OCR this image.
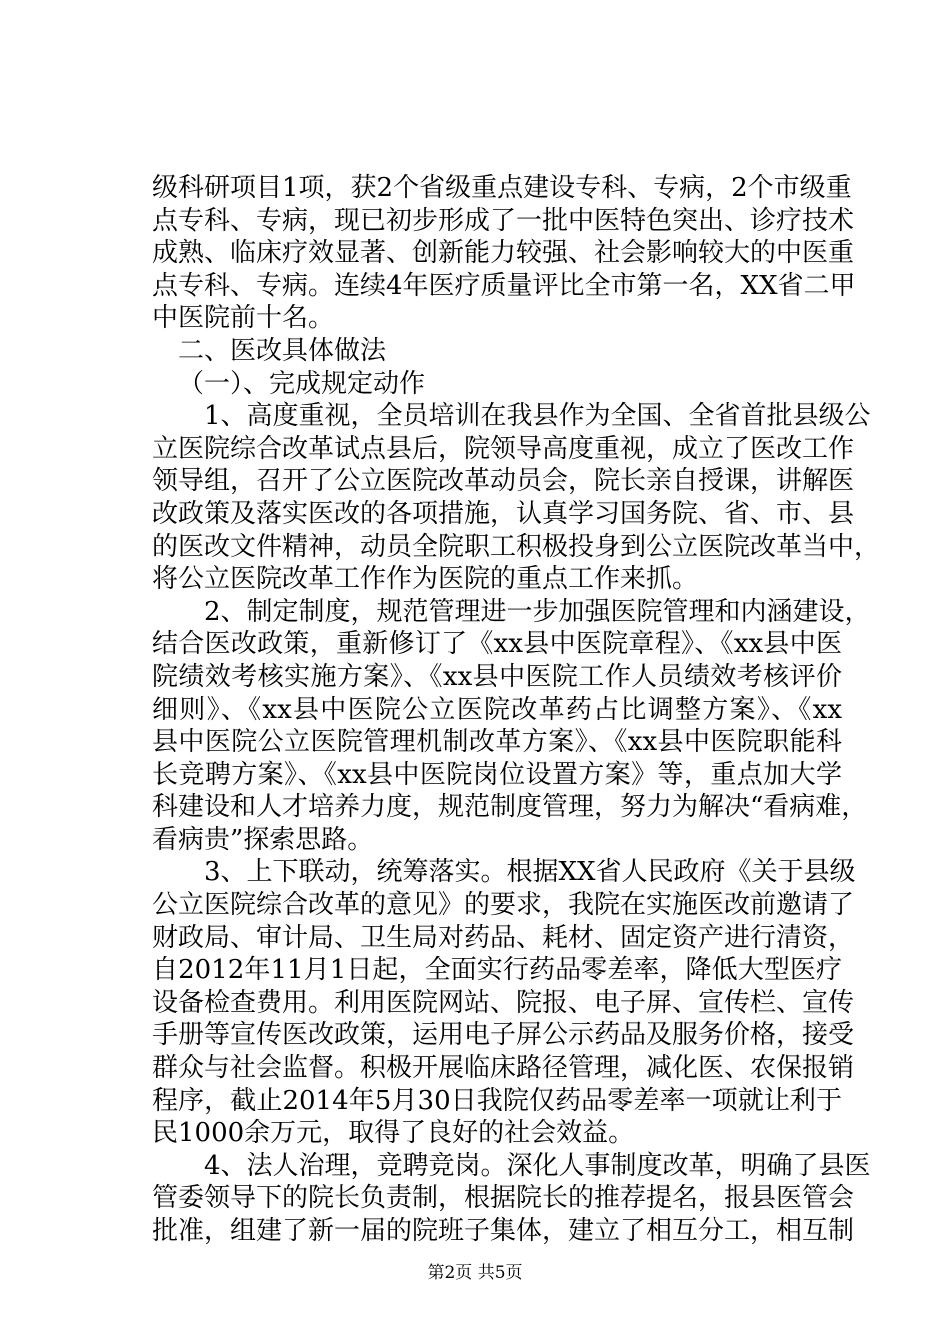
级科研项目1项，获2个省级重点建设专科、专病，2个市级重
点专科、专病，现已初步形成了一批中医特色突出、诊疗技术
成熟、临床疗效显著、创新能力较强、社会影响较大的中医重
点专科、专病。连续4年医疗质量评比全市第一名，XX省二甲
中医院前十名。
二、医改具体做法
（一）、完成规定动作
1、高度重视，全员培训在我县作为全国、全省首批县级公
立医院综合改革试点县后，院领导高度重视，成立了医改工作
领导组，召开了公立医院改革动员会，院长亲自授课，讲解医
改政策及落实医改的各项措施，认真学习国务院、省、市、县
的医改文件精神，动员全院职工积极投身到公立医院改革当中，
将公立医院改革工作作为医院的重点工作来抓。
2、制定制度，规范管理进一步加强医院管理和内涵建设，
结合医改政策，重新修订了《xx县中医院章程》、《xx县中医
院绩效考核实施方案》、《xx县中医院工作人员绩效考核评价
细则》、《xx县中医院公立医院改革药占比调整方案》、《xx
县中医院公立医院管理机制改革方案》、《xx县中医院职能科
长竞聘方案》、《xx县中医院岗位设置方案》等，重点加大学
科建设和人才培养力度，规范制度管理，努力为解决“看病难，
看病贵”探索思路。
3、上下联动，统筹落实。根据XX省人民政府《关于县级
公立医院综合改革的意见》的要求，我院在实施医改前邀请了
财政局、审计局、卫生局对药品、耗材、固定资产进行清资，
自2012年11月1日起，全面实行药品零差率，降低大型医疗
设备检查费用。利用医院网站、院报、电子屏、宣传栏、宣传
手册等宣传医改政策，运用电子屏公示药品及服务价格，接受
群众与社会监督。积极开展临床路径管理，减化医、农保报销
程序，截止2014年5月30日我院仅药品零差率一项就让利于
民1000余万元，取得了良好的社会效益。
4、法人治理，竞聘竞岗。深化人事制度改革，明确了县医
管委领导下的院长负责制，根据院长的推荐提名，报县医管会
批准，组建了新一届的院班子集体，建立了相互分工，相互制
第2页 共5页
